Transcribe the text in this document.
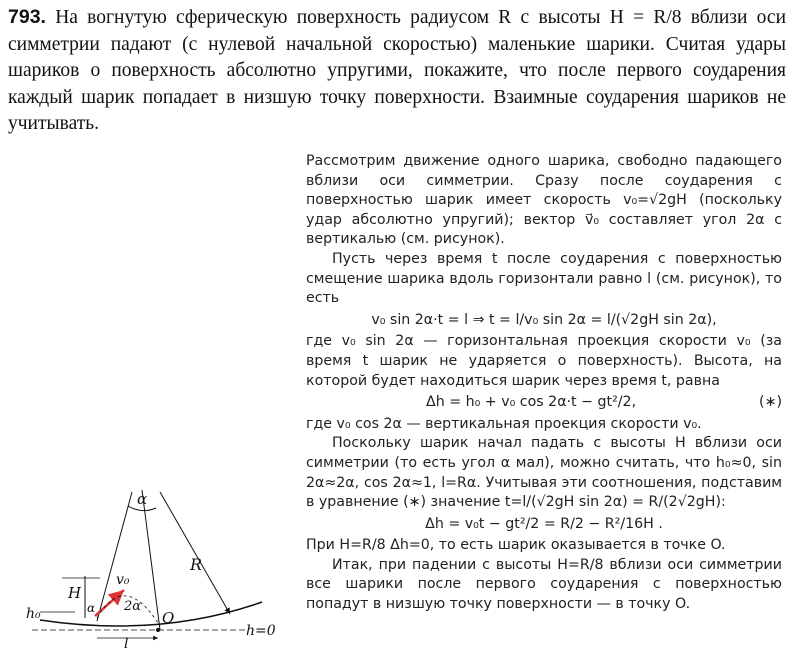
793. На вогнутую сферическую поверхность радиусом R с высоты H = R/8 вблизи оси симметрии падают (с нулевой начальной скоростью) маленькие шарики. Считая удары шариков о поверхность абсолютно упругими, покажите, что после первого соударения каждый шарик попадает в низшую точку поверхности. Взаимные соударения шариков не учитывать.

Рассмотрим движение одного шарика, свободно падающего вблизи оси симметрии. Сразу после соударения с поверхностью шарик имеет скорость v₀=√2gH (поскольку удар абсолютно упругий); вектор v⃗₀ составляет угол 2α с вертикалью (см. рисунок).

Пусть через время t после соударения с поверхностью смещение шарика вдоль горизонтали равно l (см. рисунок), то есть

v₀ sin 2α·t = l ⇒ t = l/v₀ sin 2α = l/(√2gH sin 2α),

где v₀ sin 2α — горизонтальная проекция скорости v₀ (за время t шарик не ударяется о поверхность). Высота, на которой будет находиться шарик через время t, равна

Δh = h₀ + v₀ cos 2α·t − gt²/2,	(∗)

где v₀ cos 2α — вертикальная проекция скорости v₀.

Поскольку шарик начал падать с высоты H вблизи оси симметрии (то есть угол α мал), можно считать, что h₀≈0, sin 2α≈2α, cos 2α≈1, l=Rα. Учитывая эти соотношения, подставим в уравнение (∗) значение t=l/(√2gH sin 2α) = R/(2√2gH):

Δh = v₀t − gt²/2 = R/2 − R²/16H .

При H=R/8 Δh=0, то есть шарик оказывается в точке O.

Итак, при падении с высоты H=R/8 вблизи оси симметрии все шарики после первого соударения с поверхностью попадут в низшую точку поверхности — в точку O.

α
R
H
v₀
α 2α
h₀	O
h=0
l
